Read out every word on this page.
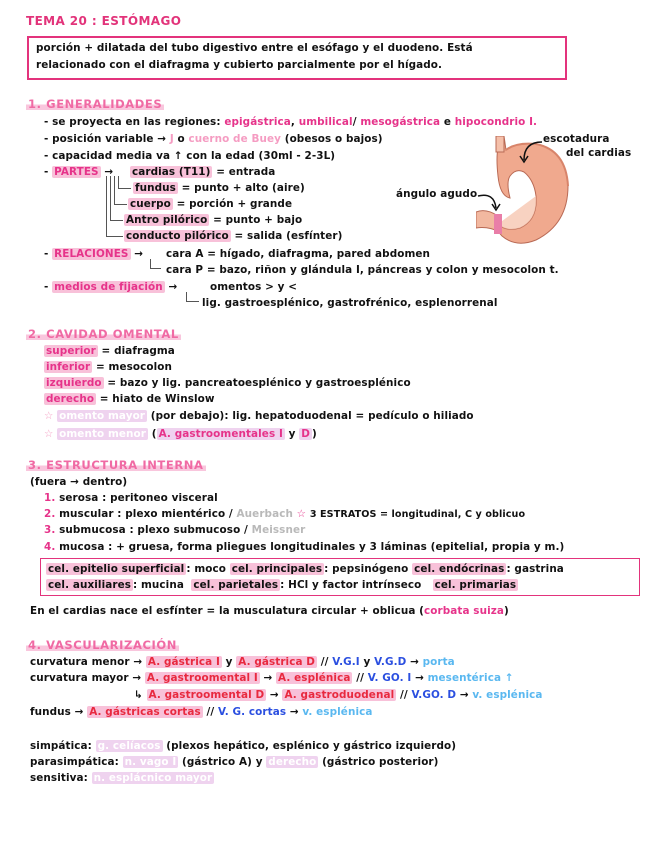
TEMA 20 : ESTÓMAGO
porción + dilatada del tubo digestivo entre el esófago y el duodeno. Está
relacionado con el diafragma y cubierto parcialmente por el hígado.
1. GENERALIDADES
- se proyecta en las regiones: epigástrica, umbilical/ mesogástrica e hipocondrio I.
- posición variable → J o cuerno de Buey (obesos o bajos)
- capacidad media va ↑ con la edad (30ml - 2-3L)
- PARTES → cardias (T11) = entrada
fundus = punto + alto (aire)
cuerpo = porción + grande
Antro pilórico = punto + bajo
conducto pilórico = salida (esfínter)
- RELACIONES → cara A = hígado, diafragma, pared abdomen
cara P = bazo, riñon y glándula I, páncreas y colon y mesocolon t.
- medios de fijación →	omentos > y <
lig. gastroesplénico, gastrofrénico, esplenorrenal
escotadura
del cardias
ángulo agudo
2. CAVIDAD OMENTAL
superior = diafragma
inferior = mesocolon
izquierdo = bazo y lig. pancreatoesplénico y gastroesplénico
derecho = hiato de Winslow
☆ omento mayor (por debajo): lig. hepatoduodenal = pedículo o hiliado
☆ omento menor ( A. gastroomentales I y D )
3. ESTRUCTURA INTERNA
(fuera → dentro)
1. serosa : peritoneo visceral
2. muscular : plexo mientérico / Auerbach ☆ 3 ESTRATOS = longitudinal, C y oblicuo
3. submucosa : plexo submucoso / Meissner
4. mucosa : + gruesa, forma pliegues longitudinales y 3 láminas (epitelial, propia y m.)
cel. epitelio superficial : moco cel. principales : pepsinógeno cel. endócrinas : gastrina
cel. auxiliares : mucina cel. parietales : HCl y factor intrínseco cel. primarias
En el cardias nace el esfínter = la musculatura circular + oblicua (corbata suiza)
4. VASCULARIZACIÓN
curvatura menor → A. gástrica I y A. gástrica D // V.G.I y V.G.D → porta
curvatura mayor → A. gastroomental I → A. esplénica // V. GO. I → mesentérica ↑
↳ A. gastroomental D → A. gastroduodenal // V.GO. D → v. esplénica
fundus → A. gástricas cortas // V. G. cortas → v. esplénica
simpática: g. celíacos (plexos hepático, esplénico y gástrico izquierdo)
parasimpática: n. vago I (gástrico A) y derecho (gástrico posterior)
sensitiva: n. esplácnico mayor
